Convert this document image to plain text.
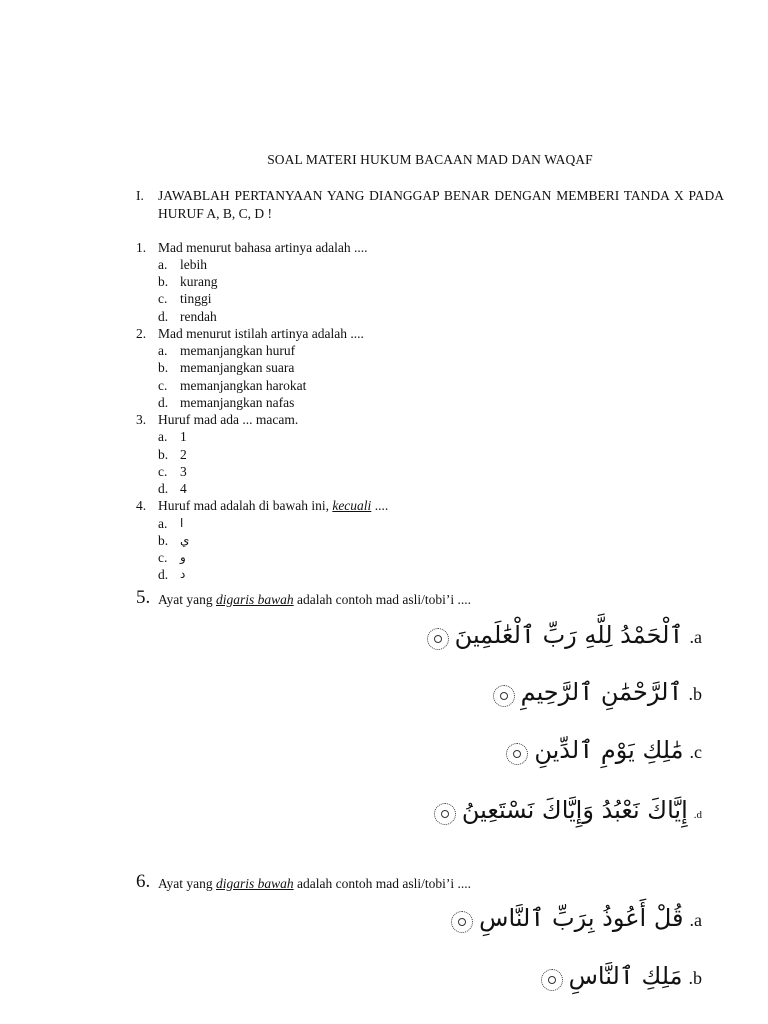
SOAL MATERI HUKUM BACAAN MAD DAN WAQAF
I. JAWABLAH PERTANYAAN YANG DIANGGAP BENAR DENGAN MEMBERI TANDA X PADA HURUF A, B, C, D !
1. Mad menurut bahasa artinya adalah ....
a. lebih
b. kurang
c. tinggi
d. rendah
2. Mad menurut istilah artinya adalah ....
a. memanjangkan huruf
b. memanjangkan suara
c. memanjangkan harokat
d. memanjangkan nafas
3. Huruf mad ada ... macam.
a. 1
b. 2
c. 3
d. 4
4. Huruf mad adalah di bawah ini, kecuali ....
a. ا
b. ي
c. و
d. د
5. Ayat yang digaris bawah adalah contoh mad asli/tobi’i ....
ٱلْحَمْدُ لِلَّهِ رَبِّ ٱلْعَٰلَمِينَ .a
ٱلرَّحْمَٰنِ ٱلرَّحِيمِ .b
مَٰلِكِ يَوْمِ ٱلدِّينِ .c
إِيَّاكَ نَعْبُدُ وَإِيَّاكَ نَسْتَعِينُ .d
6. Ayat yang digaris bawah adalah contoh mad asli/tobi’i ....
قُلْ أَعُوذُ بِرَبِّ ٱلنَّاسِ .a
مَلِكِ ٱلنَّاسِ .b
